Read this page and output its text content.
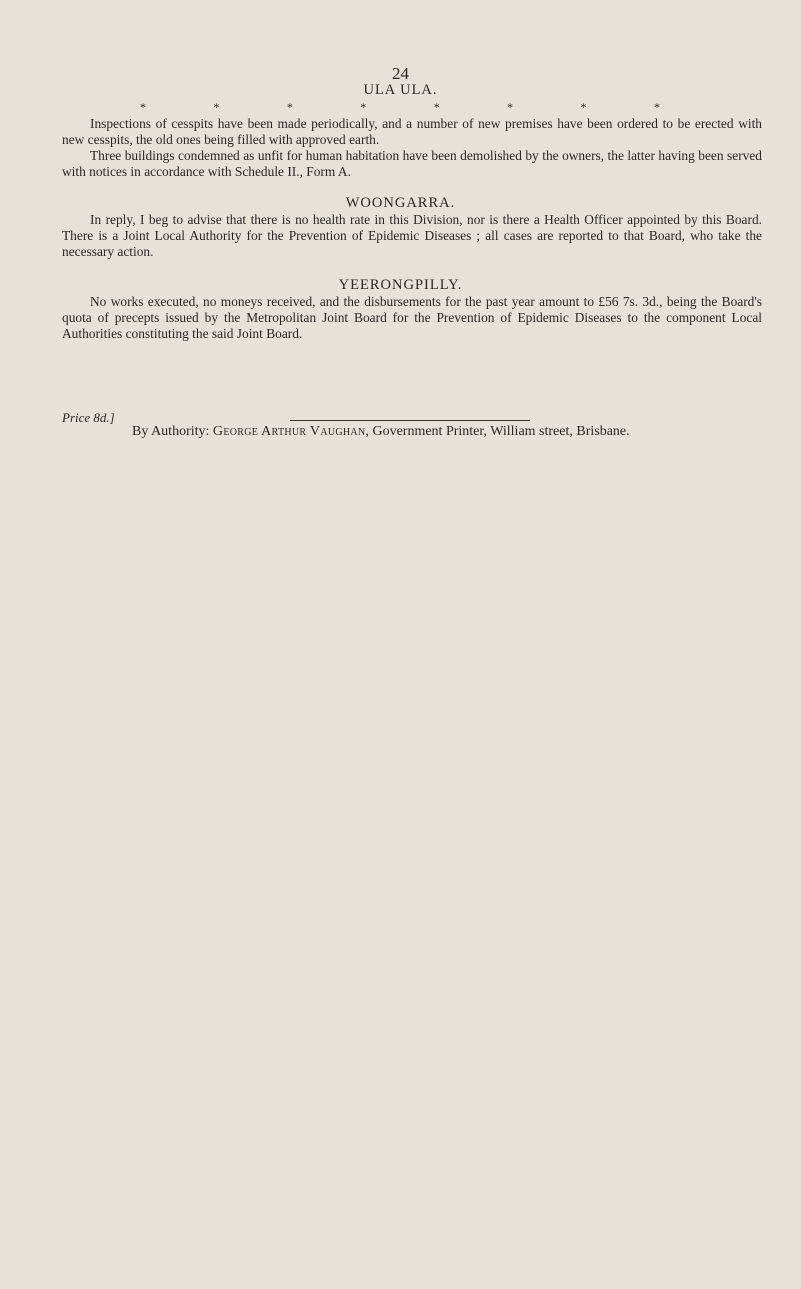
24
ULA ULA.
*	*	*	*	*	*	*	*

Inspections of cesspits have been made periodically, and a number of new premises have been ordered to be erected with new cesspits, the old ones being filled with approved earth.

Three buildings condemned as unfit for human habitation have been demolished by the owners, the latter having been served with notices in accordance with Schedule II., Form A.

WOONGARRA.

In reply, I beg to advise that there is no health rate in this Division, nor is there a Health Officer appointed by this Board. There is a Joint Local Authority for the Prevention of Epidemic Diseases ; all cases are reported to that Board, who take the necessary action.

YEERONGPILLY.

No works executed, no moneys received, and the disbursements for the past year amount to £56 7s. 3d., being the Board's quota of precepts issued by the Metropolitan Joint Board for the Prevention of Epidemic Diseases to the component Local Authorities constituting the said Joint Board.

Price 8d.]
By Authority: George Arthur Vaughan, Government Printer, William street, Brisbane.
